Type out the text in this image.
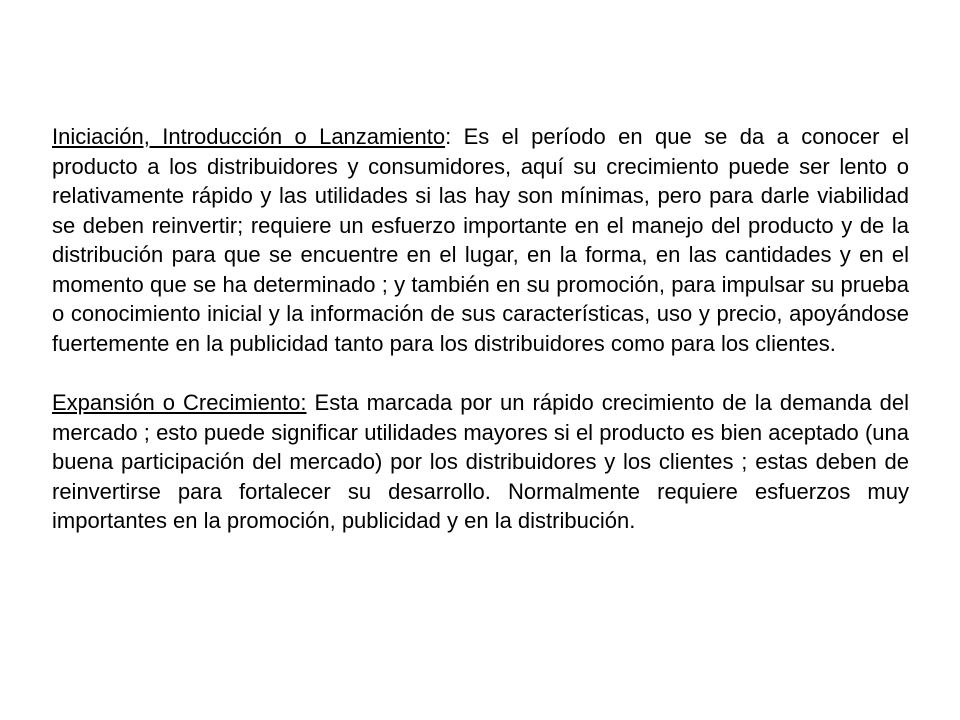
Iniciación, Introducción o Lanzamiento: Es el período en que se da a conocer el producto a los distribuidores y consumidores, aquí su crecimiento puede ser lento o relativamente rápido y las utilidades si las hay son mínimas, pero para darle viabilidad se deben reinvertir; requiere un esfuerzo importante en el manejo del producto y de la distribución para que se encuentre en el lugar, en la forma, en las cantidades y en el momento que se ha determinado ; y también en su promoción, para impulsar su prueba o conocimiento inicial y la información de sus características, uso y precio, apoyándose fuertemente en la publicidad tanto para los distribuidores como para los clientes.

Expansión o Crecimiento: Esta marcada por un rápido crecimiento de la demanda del mercado ; esto puede significar utilidades mayores si el producto es bien aceptado (una buena participación del mercado) por los distribuidores y los clientes ; estas deben de reinvertirse para fortalecer su desarrollo. Normalmente requiere esfuerzos muy importantes en la promoción, publicidad y en la distribución.
